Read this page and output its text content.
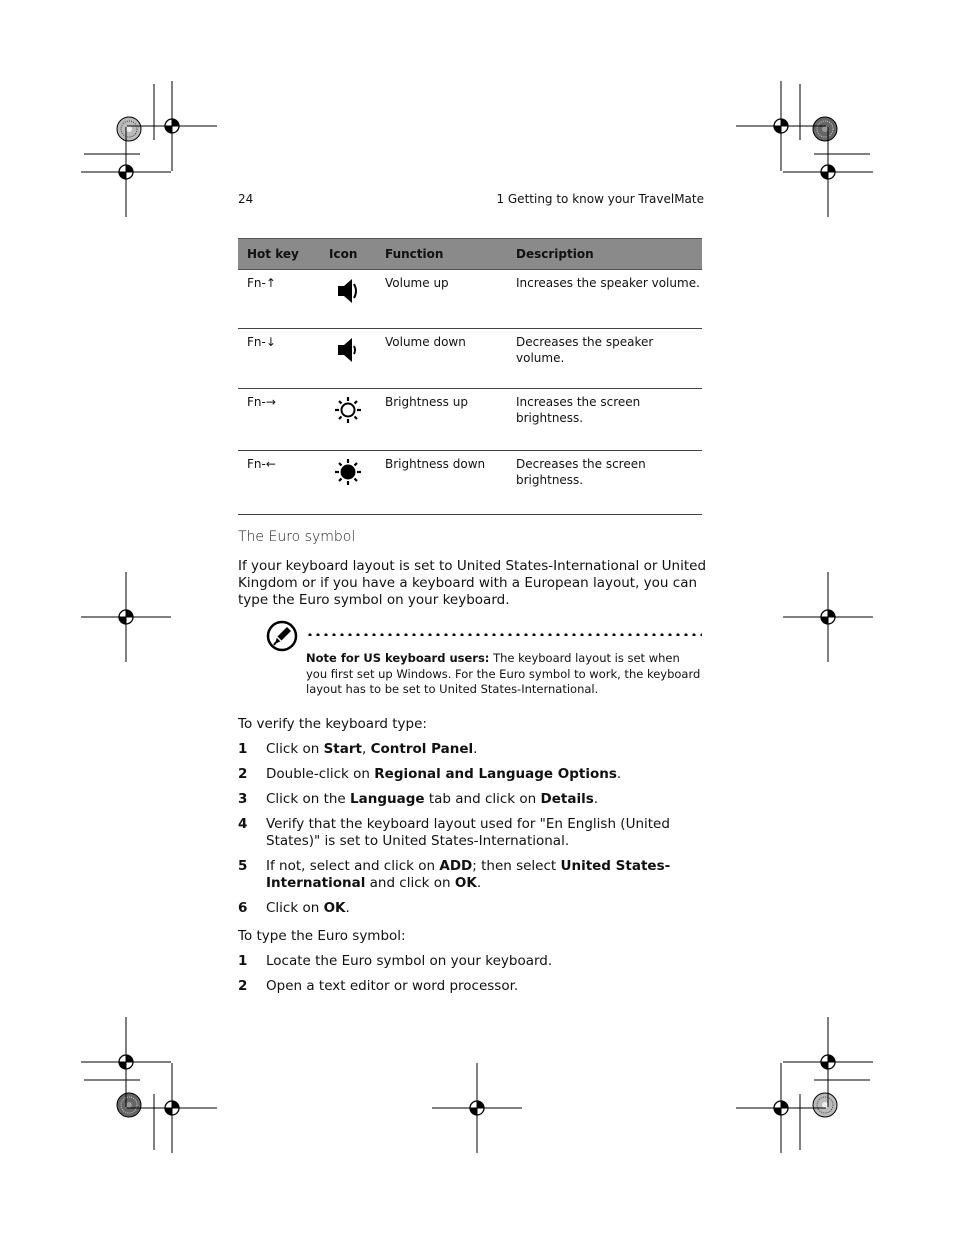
24	1 Getting to know your TravelMate
Hot key	Icon	Function	Description
Fn-↑		Volume up	Increases the speaker volume.
Fn-↓		Volume down	Decreases the speaker volume.
Fn-→		Brightness up	Increases the screen brightness.
Fn-←		Brightness down	Decreases the screen brightness.
The Euro symbol
If your keyboard layout is set to United States-International or United Kingdom or if you have a keyboard with a European layout, you can type the Euro symbol on your keyboard.
Note for US keyboard users: The keyboard layout is set when you first set up Windows. For the Euro symbol to work, the keyboard layout has to be set to United States-International.
To verify the keyboard type:
1 Click on Start, Control Panel.
2 Double-click on Regional and Language Options.
3 Click on the Language tab and click on Details.
4 Verify that the keyboard layout used for "En English (United States)" is set to United States-International.
5 If not, select and click on ADD; then select United States-International and click on OK.
6 Click on OK.
To type the Euro symbol:
1 Locate the Euro symbol on your keyboard.
2 Open a text editor or word processor.
